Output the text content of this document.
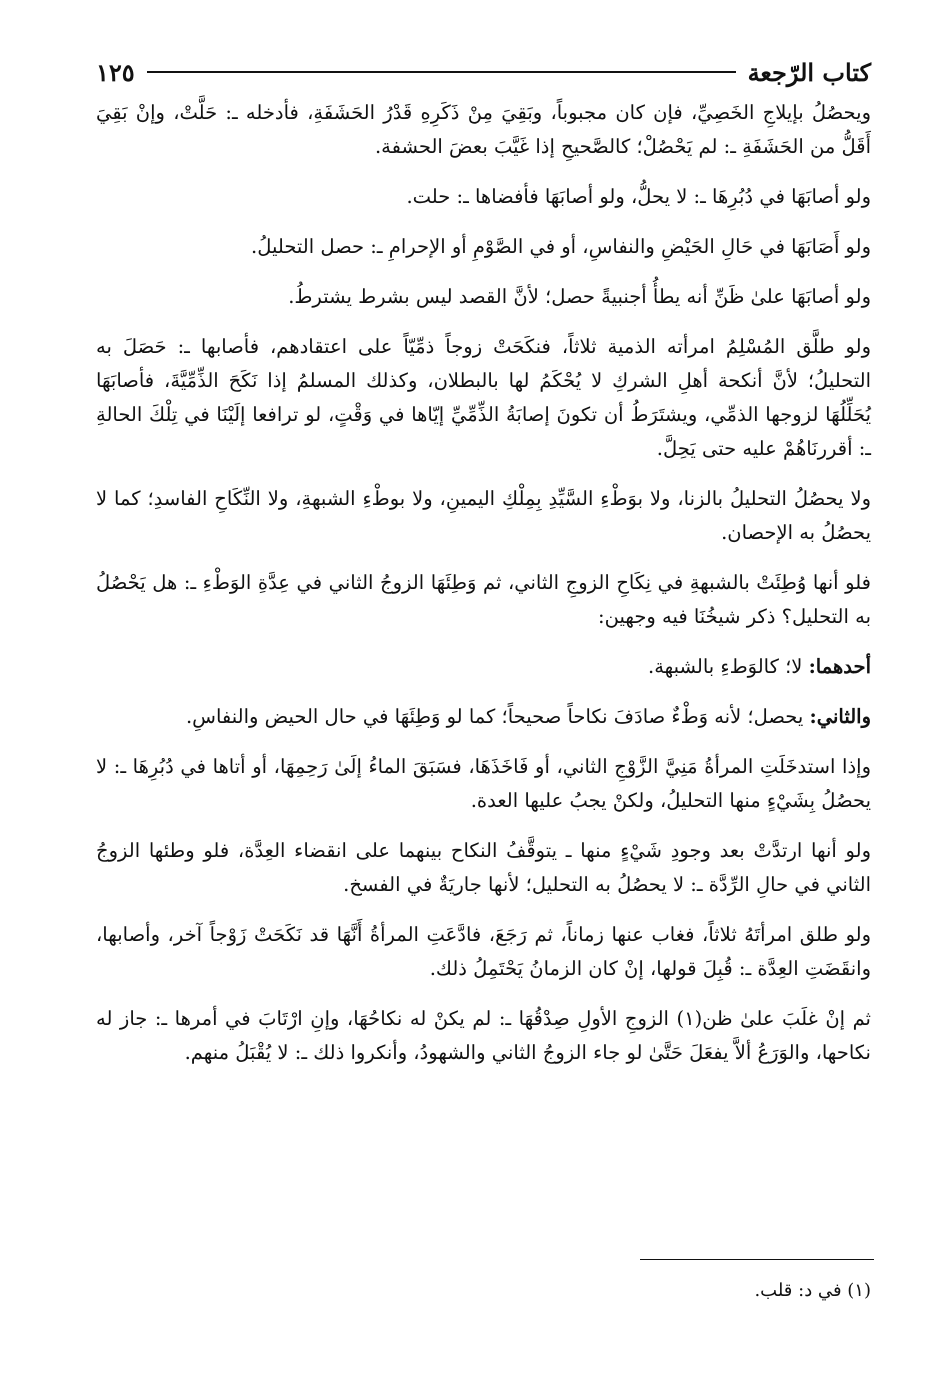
كتاب الرّجعة
١٢٥

ويحصُلُ بإيلاجِ الخَصِيِّ، فإن كان مجبوباً، وبَقِيَ مِنْ ذَكَرِهِ قَدْرُ الحَشَفَةِ، فأدخله ـ: حَلَّتْ، وإنْ بَقِيَ أَقَلُّ من الحَشَفَةِ ـ: لم يَحْصُلْ؛ كالصَّحيحِ إذا غَيَّبَ بعضَ الحشفة.

ولو أصابَهَا في دُبُرِهَا ـ: لا يحلُّ، ولو أصابَهَا فأفضاها ـ: حلت.

ولو أَصَابَهَا في حَالِ الحَيْضِ والنفاسِ، أو في الصَّوْمِ أو الإحرامِ ـ: حصل التحليلُ.

ولو أصابَهَا علىٰ ظَنِّ أنه يطأُ أجنبيةً حصل؛ لأنَّ القصد ليس بشرط يشترطُ.

ولو طلَّق المُسْلِمُ امرأته الذمية ثلاثاً، فنكَحَتْ زوجاً ذمِّيّاً على اعتقادهم، فأصابها ـ: حَصَلَ به التحليلُ؛ لأنَّ أنكحة أهلِ الشركِ لا يُحْكَمُ لها بالبطلان، وكذلك المسلمُ إذا نَكَحَ الذِّمِّيَّةَ، فأصابَهَا يُحَلِّلُهَا لزوجها الذمِّي، ويشتَرَطُ أن تكونَ إصابَةُ الذِّمِّيِّ إيّاها في وَقْتٍ، لو ترافعا إلَيْنَا في تِلْكَ الحالةِ ـ: أقررنَاهُمْ عليه حتى يَحِلَّ.

ولا يحصُلُ التحليلُ بالزنا، ولا بوَطْءِ السَّيِّدِ بِمِلْكِ اليمينِ، ولا بوطْءِ الشبهةِ، ولا النِّكَاحِ الفاسدِ؛ كما لا يحصُلُ به الإحصان.

فلو أنها وُطِئَتْ بالشبهةِ في نِكَاحِ الزوجِ الثاني، ثم وَطِئَهَا الزوجُ الثاني في عِدَّةِ الوَطْءِ ـ: هل يَحْصُلُ به التحليل؟ ذكر شيخُنَا فيه وجهين:

أحدهما: لا؛ كالوَطءِ بالشبهة.

والثاني: يحصل؛ لأنه وَطْءٌ صادَفَ نكاحاً صحيحاً؛ كما لو وَطِئَهَا في حال الحيض والنفاسِ.

وإذا استدخَلَتِ المرأةُ مَنِيَّ الزَّوْجِ الثاني، أو فَاخَذَهَا، فسَبَقَ الماءُ إلَىٰ رَحِمِهَا، أو أتاها في دُبُرِهَا ـ: لا يحصُلُ بِشَيْءٍ منها التحليلُ، ولكنْ يجبُ عليها العدة.

ولو أنها ارتدَّتْ بعد وجودِ شَيْءٍ منها ـ يتوقَّفُ النكاح بينهما على انقضاء العِدَّة، فلو وطئها الزوجُ الثاني في حالِ الرِّدَّة ـ: لا يحصُلُ به التحليل؛ لأنها جاريَةٌ في الفسخ.

ولو طلق امرأتَهُ ثلاثاً، فغاب عنها زماناً، ثم رَجَعَ، فادَّعَتِ المرأةُ أَنَّهَا قد نَكَحَتْ زَوْجاً آخر، وأصابها، وانقَضَتِ العِدَّة ـ: قُبِلَ قولها، إنْ كان الزمانُ يَحْتَمِلُ ذلك.

ثم إنْ غلَبَ علىٰ ظن(١) الزوجِ الأولِ صِدْقُهَا ـ: لم يكنْ له نكاحُهَا، وإنِ ارْتَابَ في أمرها ـ: جاز له نكاحها، والوَرَعُ ألاَّ يفعَلَ حَتَّىٰ لو جاء الزوجُ الثاني والشهودُ، وأنكروا ذلك ـ: لا يُقْبَلُ منهم.

(١) في د: قلب.
